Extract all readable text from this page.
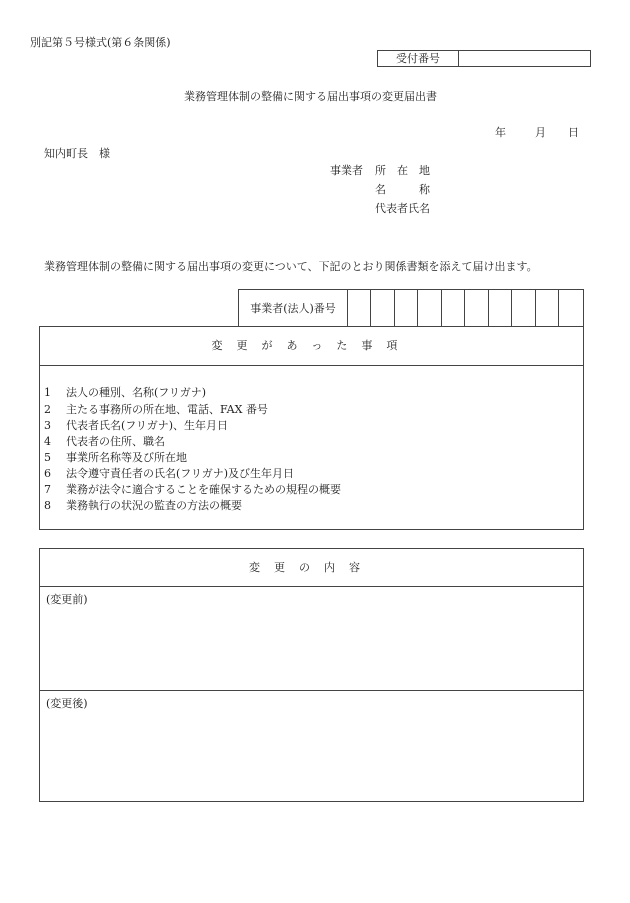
別記第５号様式(第６条関係)
受付番号
業務管理体制の整備に関する届出事項の変更届出書
年	月 日
知内町長　様
事業者 所　在　地
名　　　称
代表者氏名
業務管理体制の整備に関する届出事項の変更について、下記のとおり関係書類を添えて届け出ます。
事業者(法人)番号
変更があった事項
1 法人の種別、名称(フリガナ)
2 主たる事務所の所在地、電話、FAX 番号
3 代表者氏名(フリガナ)、生年月日
4 代表者の住所、職名
5 事業所名称等及び所在地
6 法令遵守責任者の氏名(フリガナ)及び生年月日
7 業務が法令に適合することを確保するための規程の概要
8 業務執行の状況の監査の方法の概要
変更の内容
(変更前)
(変更後)
